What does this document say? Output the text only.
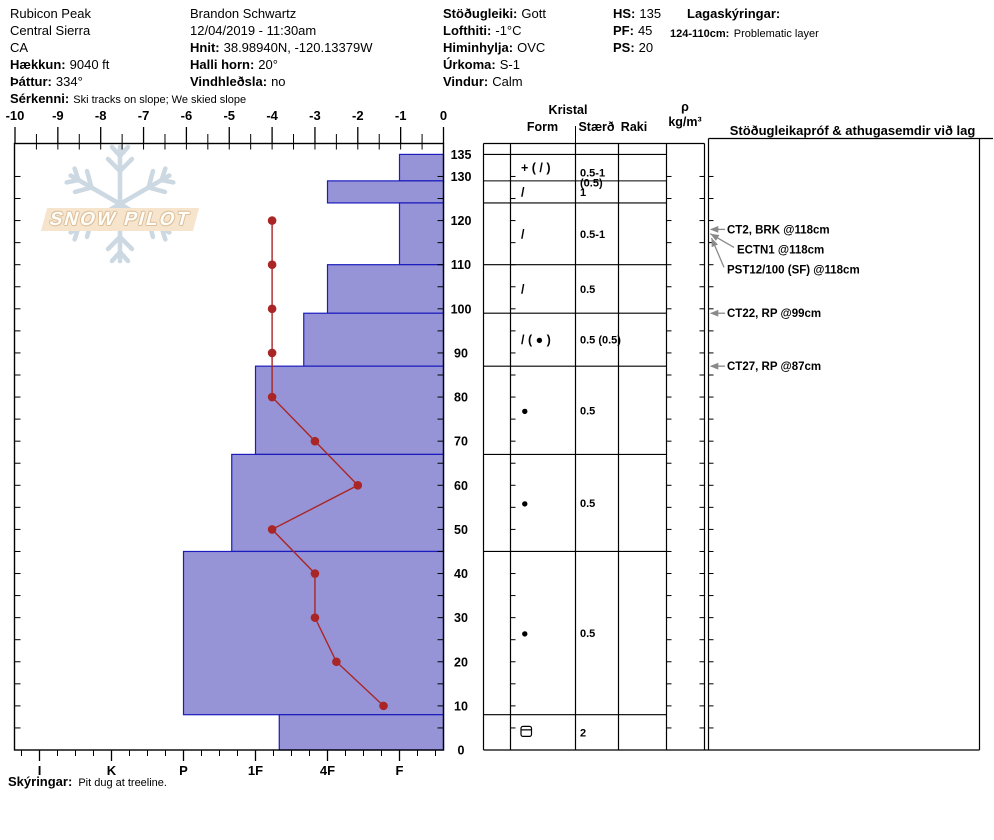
SNOW PILOT
-10 -9 -8 -7 -6 -5 -4 -3 -2 -1	0
F
4F
1F
P
K
I
135
130
120
110
100
90
80
70
60
50
40
30
20
10
0
+ ( / )	0.5-1
(0.5)
/	1
/	0.5-1
/	0.5
/ ( ● )	0.5 (0.5)
●	0.5
●	0.5
●	0.5
2
CT27, RP @87cm
CT22, RP @99cm
CT2, BRK @118cm
ECTN1 @118cm
PST12/100 (SF) @118cm
Rubicon Peak
Central Sierra
CA
Hækkun: 9040 ft
Þáttur: 334°
Sérkenni: Ski tracks on slope; We skied slope
Brandon Schwartz
12/04/2019 - 11:30am
Hnit: 38.98940N, -120.13379W
Halli horn: 20°
Vindhleðsla: no
Stöðugleiki: Gott
Lofthiti: -1°C
Himinhylja: OVC
Úrkoma: S-1
Vindur: Calm
HS: 135
PF: 45
PS: 20
Lagaskýringar:
124-110cm: Problematic layer
Kristal
Form	Stærð Raki
ρ
kg/m³
Stöðugleikapróf & athugasemdir við lag
Skýringar: Pit dug at treeline.
